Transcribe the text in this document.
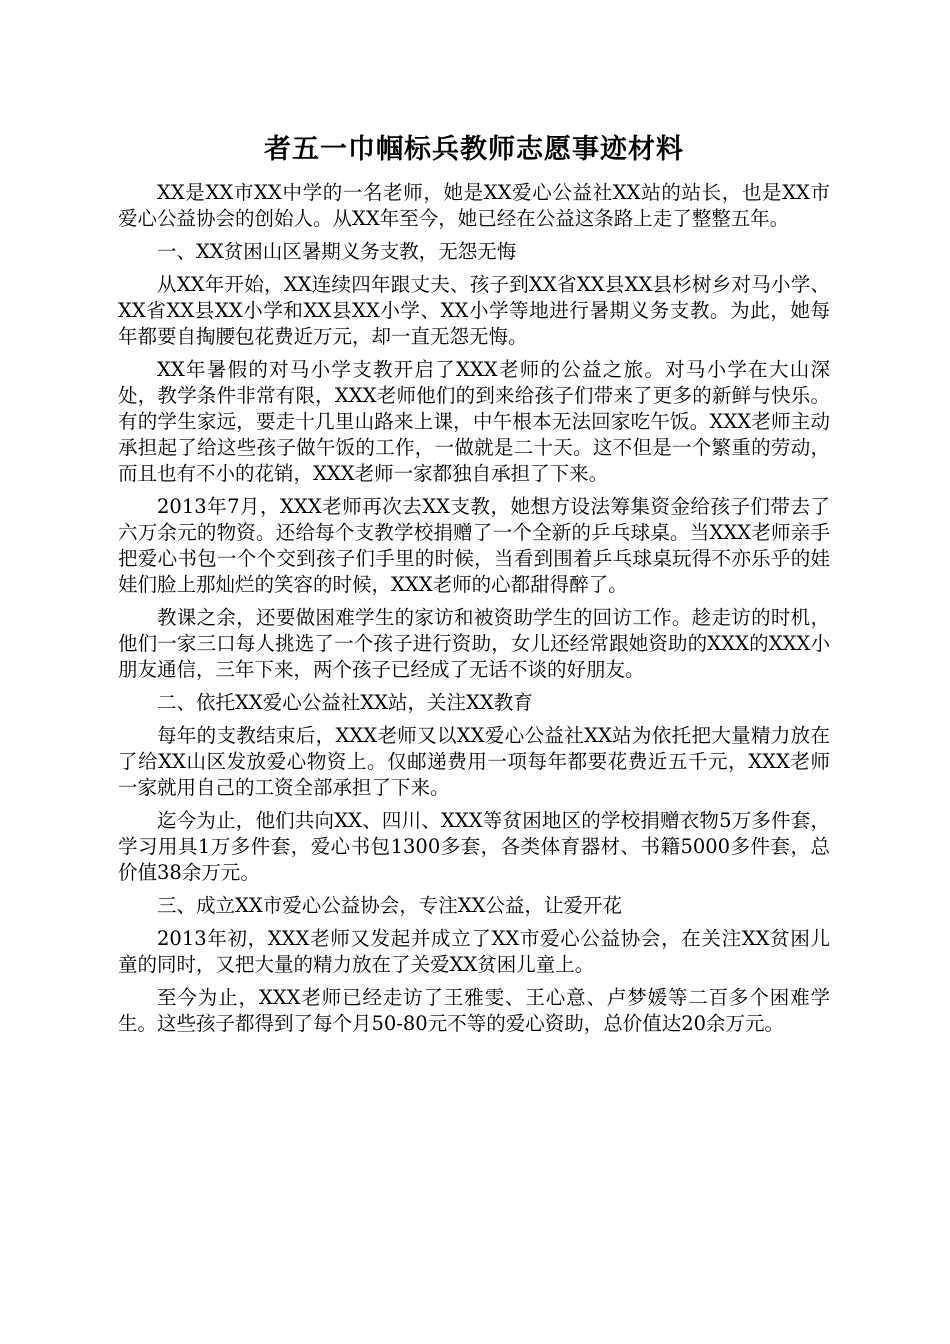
者五一巾帼标兵教师志愿事迹材料

XX是XX市XX中学的一名老师，她是XX爱心公益社XX站的站长，也是XX市爱心公益协会的创始人。从XX年至今，她已经在公益这条路上走了整整五年。

一、XX贫困山区暑期义务支教，无怨无悔

从XX年开始，XX连续四年跟丈夫、孩子到XX省XX县XX县杉树乡对马小学、XX省XX县XX小学和XX县XX小学、XX小学等地进行暑期义务支教。为此，她每年都要自掏腰包花费近万元，却一直无怨无悔。

XX年暑假的对马小学支教开启了XXX老师的公益之旅。对马小学在大山深处，教学条件非常有限，XXX老师他们的到来给孩子们带来了更多的新鲜与快乐。有的学生家远，要走十几里山路来上课，中午根本无法回家吃午饭。XXX老师主动承担起了给这些孩子做午饭的工作，一做就是二十天。这不但是一个繁重的劳动，而且也有不小的花销，XXX老师一家都独自承担了下来。

2013年7月，XXX老师再次去XX支教，她想方设法筹集资金给孩子们带去了六万余元的物资。还给每个支教学校捐赠了一个全新的乒乓球桌。当XXX老师亲手把爱心书包一个个交到孩子们手里的时候，当看到围着乒乓球桌玩得不亦乐乎的娃娃们脸上那灿烂的笑容的时候，XXX老师的心都甜得醉了。

教课之余，还要做困难学生的家访和被资助学生的回访工作。趁走访的时机，他们一家三口每人挑选了一个孩子进行资助，女儿还经常跟她资助的XXX的XXX小朋友通信，三年下来，两个孩子已经成了无话不谈的好朋友。

二、依托XX爱心公益社XX站，关注XX教育

每年的支教结束后，XXX老师又以XX爱心公益社XX站为依托把大量精力放在了给XX山区发放爱心物资上。仅邮递费用一项每年都要花费近五千元，XXX老师一家就用自己的工资全部承担了下来。

迄今为止，他们共向XX、四川、XXX等贫困地区的学校捐赠衣物5万多件套，学习用具1万多件套，爱心书包1300多套，各类体育器材、书籍5000多件套，总价值38余万元。

三、成立XX市爱心公益协会，专注XX公益，让爱开花

2013年初，XXX老师又发起并成立了XX市爱心公益协会，在关注XX贫困儿童的同时，又把大量的精力放在了关爱XX贫困儿童上。

至今为止，XXX老师已经走访了王雅雯、王心意、卢梦媛等二百多个困难学生。这些孩子都得到了每个月50-80元不等的爱心资助，总价值达20余万元。
